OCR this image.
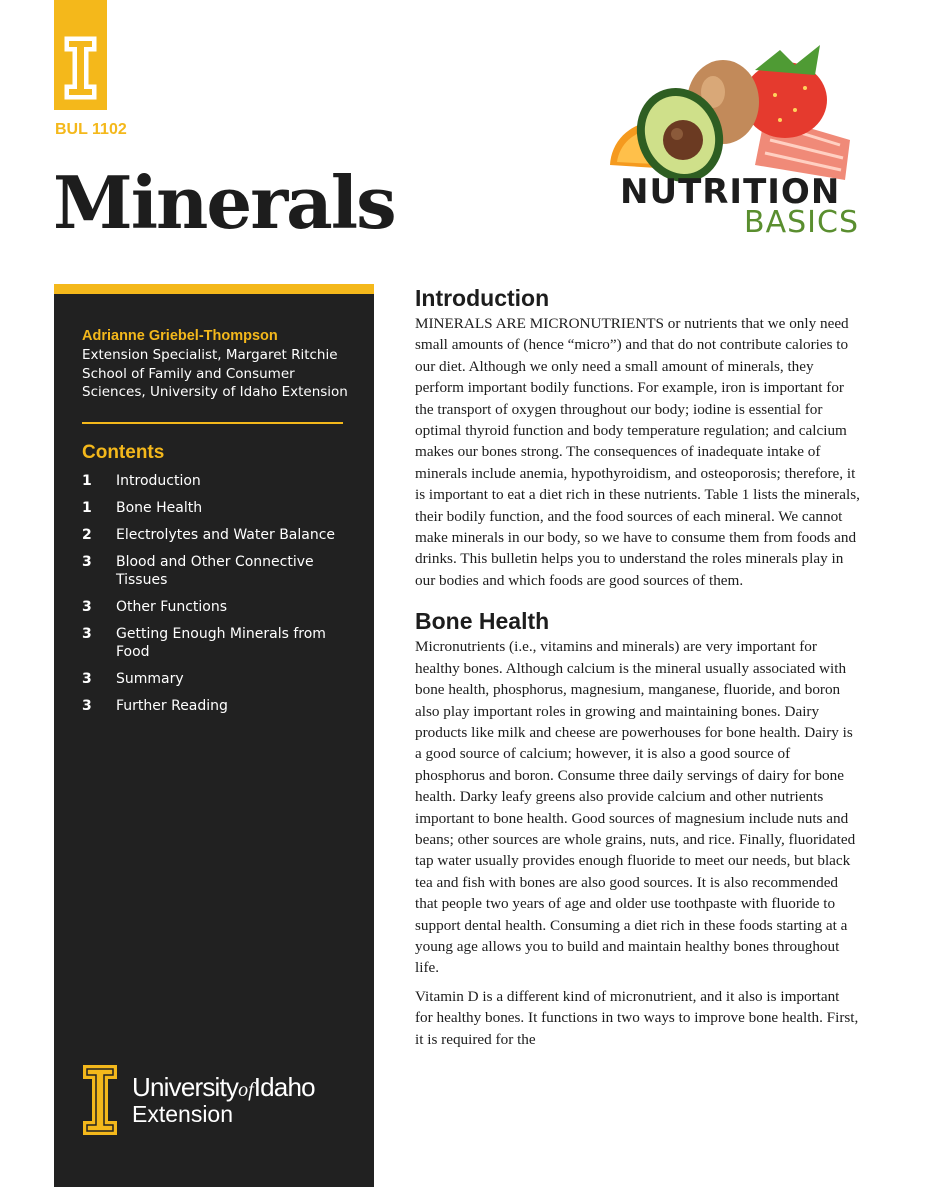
BUL 1102
Minerals	NUTRITION
BASICS
Adrianne Griebel-Thompson
Extension Specialist, Margaret Ritchie School of Family and Consumer Sciences, University of Idaho Extension
Contents
1	Introduction
1	Bone Health
2	Electrolytes and Water Balance
3	Blood and Other Connective Tissues
3	Other Functions
3	Getting Enough Minerals from Food
3	Summary
3	Further Reading
UniversityofIdaho
Extension
Introduction

MINERALS ARE MICRONUTRIENTS or nutrients that we only need small amounts of (hence “micro”) and that do not contribute calories to our diet. Although we only need a small amount of minerals, they perform important bodily functions. For example, iron is important for the transport of oxygen throughout our body; iodine is essential for optimal thyroid function and body temperature regulation; and calcium makes our bones strong. The consequences of inadequate intake of minerals include anemia, hypothyroidism, and osteoporosis; therefore, it is important to eat a diet rich in these nutrients. Table 1 lists the minerals, their bodily function, and the food sources of each mineral. We cannot make minerals in our body, so we have to consume them from foods and drinks. This bulletin helps you to understand the roles minerals play in our bodies and which foods are good sources of them.

Bone Health

Micronutrients (i.e., vitamins and minerals) are very important for healthy bones. Although calcium is the mineral usually associated with bone health, phosphorus, magnesium, manganese, fluoride, and boron also play important roles in growing and maintaining bones. Dairy products like milk and cheese are powerhouses for bone health. Dairy is a good source of calcium; however, it is also a good source of phosphorus and boron. Consume three daily servings of dairy for bone health. Darky leafy greens also provide calcium and other nutrients important to bone health. Good sources of magnesium include nuts and beans; other sources are whole grains, nuts, and rice. Finally, fluoridated tap water usually provides enough fluoride to meet our needs, but black tea and fish with bones are also good sources. It is also recommended that people two years of age and older use toothpaste with fluoride to support dental health. Consuming a diet rich in these foods starting at a young age allows you to build and maintain healthy bones throughout life.

Vitamin D is a different kind of micronutrient, and it also is important for healthy bones. It functions in two ways to improve bone health. First, it is required for the
